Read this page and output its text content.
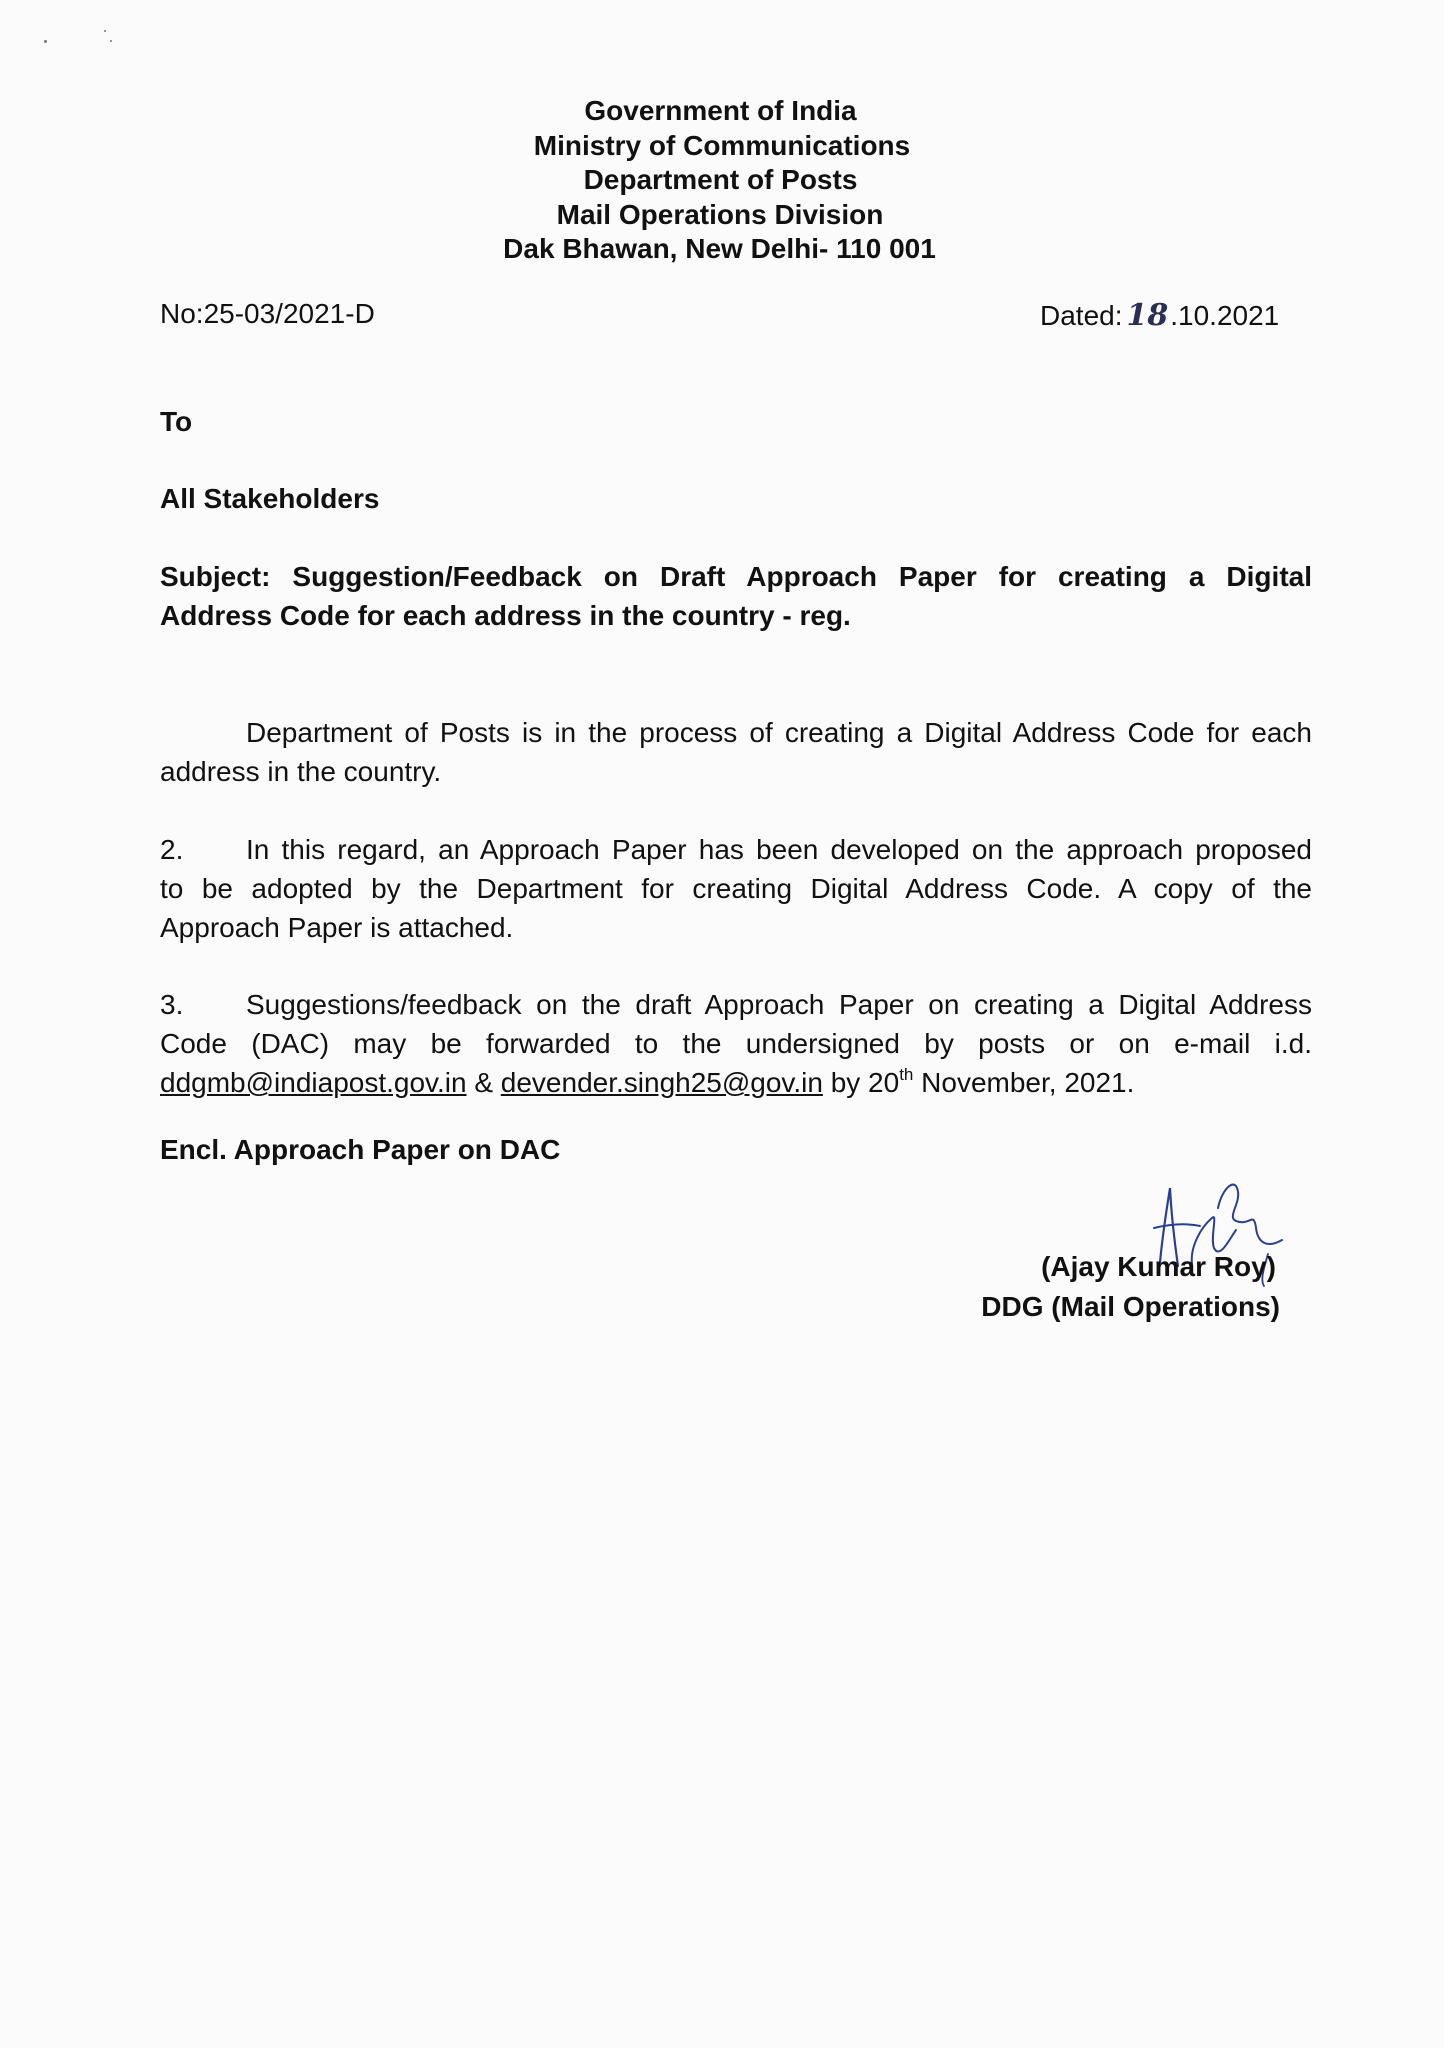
Government of India
Ministry of Communications
Department of Posts
Mail Operations Division
Dak Bhawan, New Delhi- 110 001
No:25-03/2021-D	Dated: 18.10.2021
To
All Stakeholders
Subject: Suggestion/Feedback on Draft Approach Paper for creating a Digital
Address Code for each address in the country - reg.
Department of Posts is in the process of creating a Digital Address Code for each
address in the country.
2. In this regard, an Approach Paper has been developed on the approach proposed
to be adopted by the Department for creating Digital Address Code. A copy of the
Approach Paper is attached.
3. Suggestions/feedback on the draft Approach Paper on creating a Digital Address
Code (DAC) may be forwarded to the undersigned by posts or on e-mail i.d.
ddgmb@indiapost.gov.in & devender.singh25@gov.in by 20th November, 2021.
Encl. Approach Paper on DAC
(Ajay Kumar Roy)
DDG (Mail Operations)
